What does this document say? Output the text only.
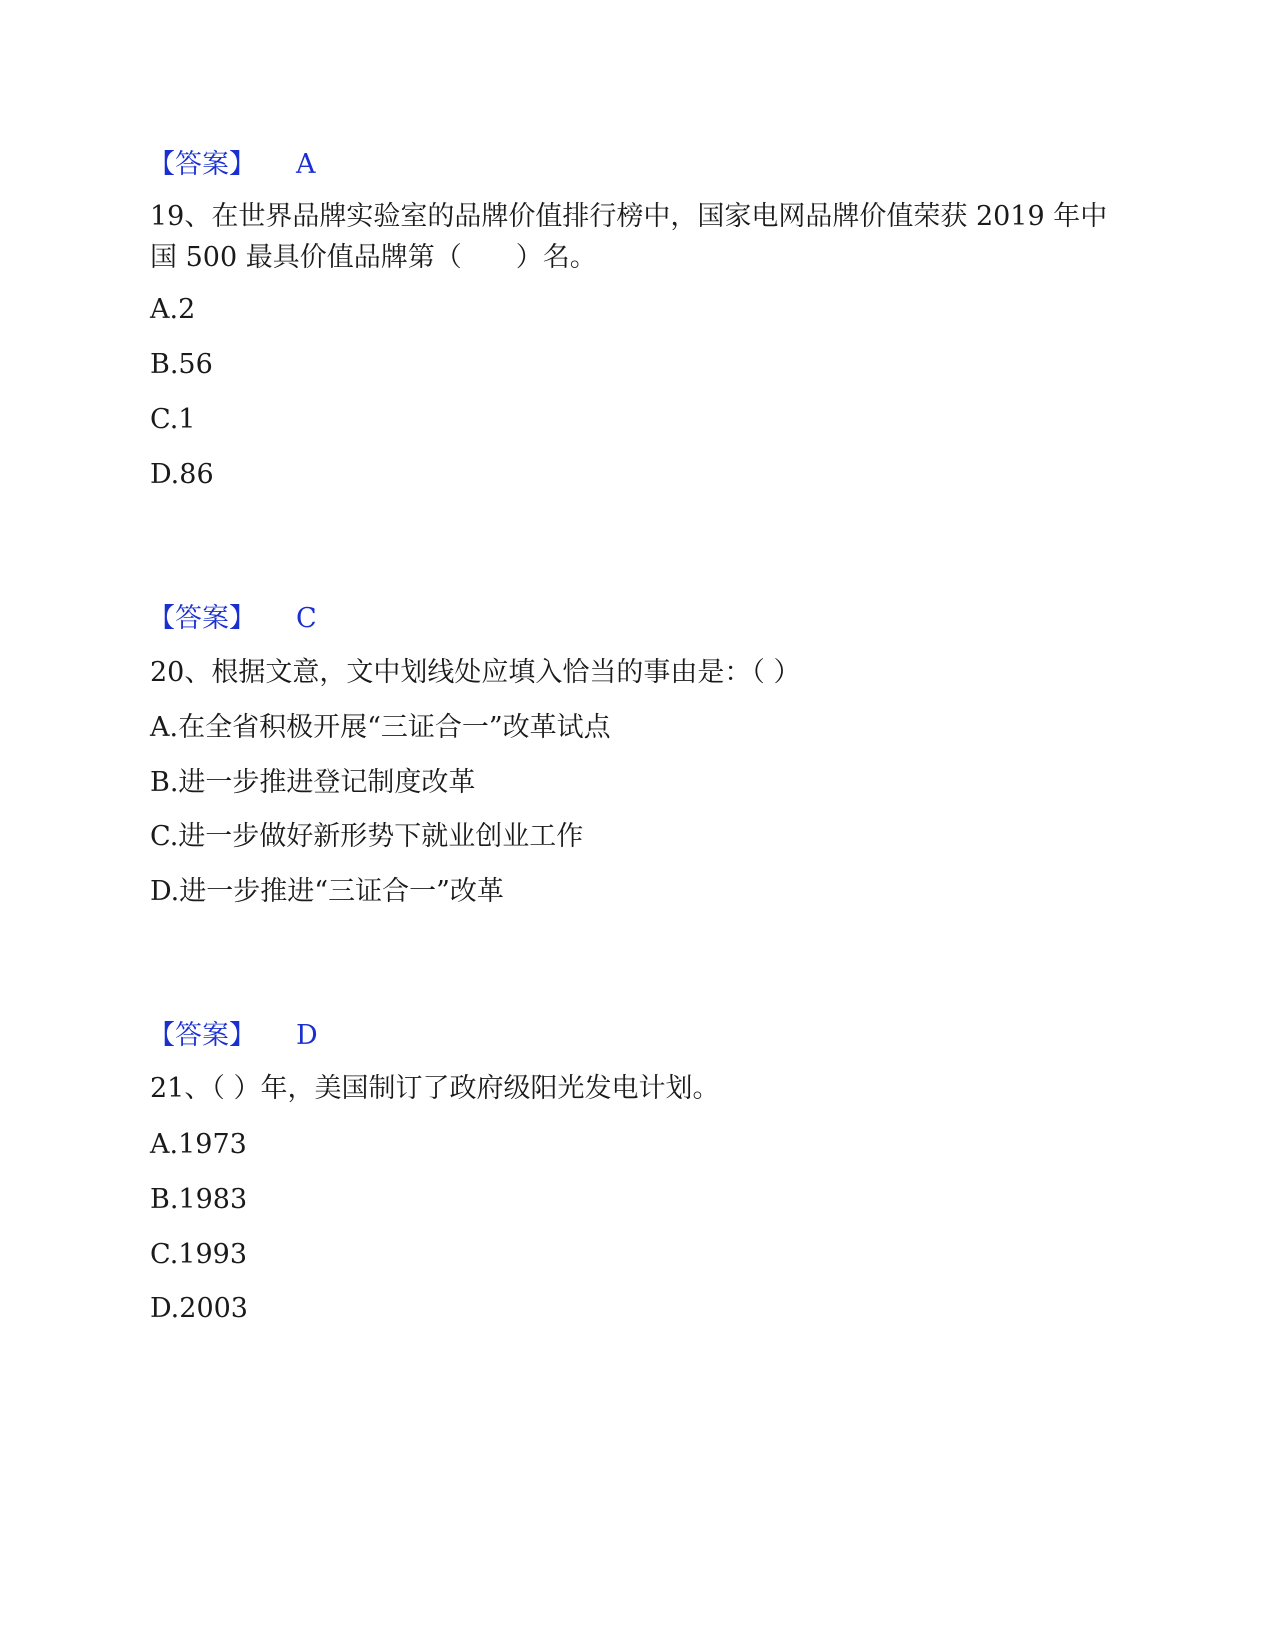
【答案】 A
19、在世界品牌实验室的品牌价值排行榜中，国家电网品牌价值荣获 2019 年中国 500 最具价值品牌第（　　）名。
A.2
B.56
C.1
D.86
【答案】 C
20、根据文意，文中划线处应填入恰当的事由是：（ ）
A.在全省积极开展“三证合一”改革试点
B.进一步推进登记制度改革
C.进一步做好新形势下就业创业工作
D.进一步推进“三证合一”改革
【答案】 D
21、（ ）年，美国制订了政府级阳光发电计划。
A.1973
B.1983
C.1993
D.2003
